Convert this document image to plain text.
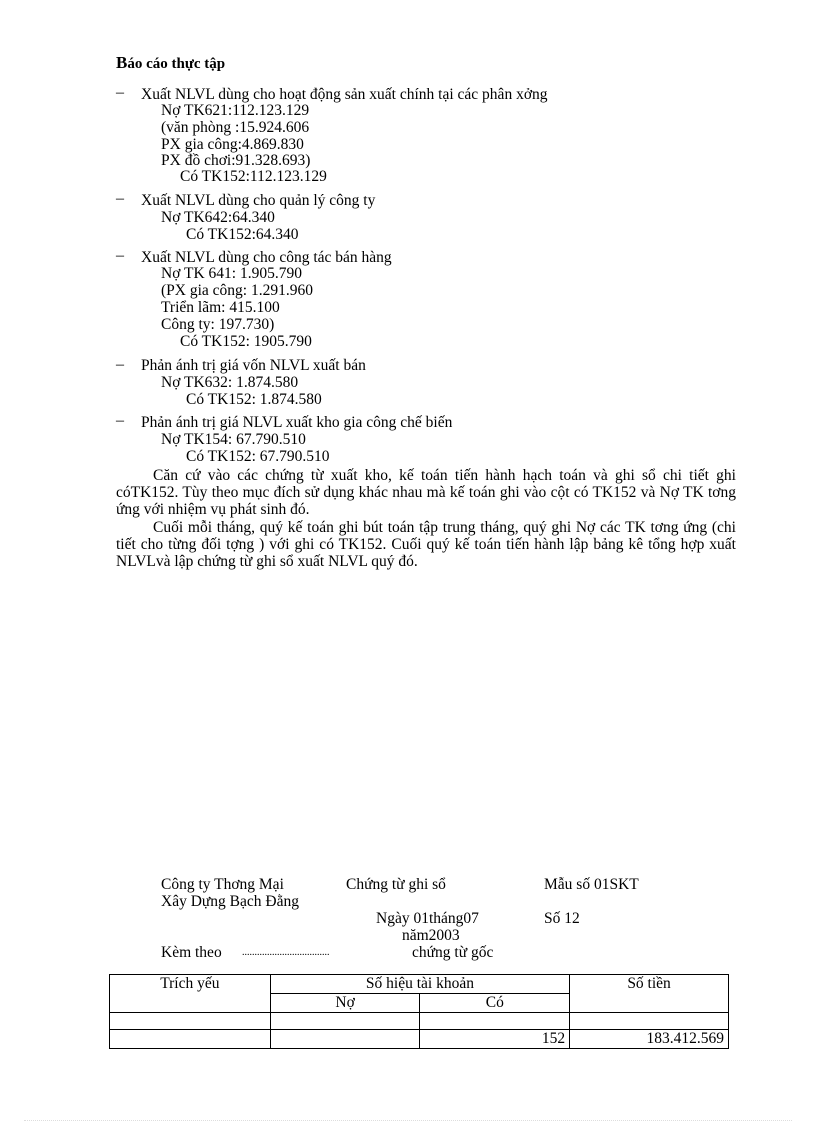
Báo cáo thực tập
– Xuất NLVL dùng cho hoạt động sản xuất chính tại các phân xởng
Nợ TK621:112.123.129
(văn phòng :15.924.606
PX gia công:4.869.830
PX đồ chơi:91.328.693)
Có TK152:112.123.129
– Xuất NLVL dùng cho quản lý công ty
Nợ TK642:64.340
Có TK152:64.340
– Xuất NLVL dùng cho công tác bán hàng
Nợ TK 641: 1.905.790
(PX gia công: 1.291.960
Triển lãm: 415.100
Công ty: 197.730)
Có TK152: 1905.790
– Phản ánh trị giá vốn NLVL xuất bán
Nợ TK632: 1.874.580
Có TK152: 1.874.580
– Phản ánh trị giá NLVL xuất kho gia công chế biến
Nợ TK154: 67.790.510
Có TK152: 67.790.510
Căn cứ vào các chứng từ xuất kho, kế toán tiến hành hạch toán và ghi sổ chi tiết ghi cóTK152. Tùy theo mục đích sử dụng khác nhau mà kế toán ghi vào cột có TK152 và Nợ TK tơng ứng với nhiệm vụ phát sinh đó.
Cuối mỗi tháng, quý kế toán ghi bút toán tập trung tháng, quý ghi Nợ các TK tơng ứng (chi tiết cho từng đối tợng ) với ghi có TK152. Cuối quý kế toán tiến hành lập bảng kê tổng hợp xuất NLVLvà lập chứng từ ghi sổ xuất NLVL quý đó.
Công ty Thơng Mại
Xây Dựng Bạch Đằng
Chứng từ ghi sổ	Mẫu số 01SKT
Ngày 01tháng07
năm2003
Số 12
Kèm theo ...................................	chứng từ gốc
Trích yếu	Số hiệu tài khoản		Số tiền
	Nợ	Có	

		152	183.412.569
